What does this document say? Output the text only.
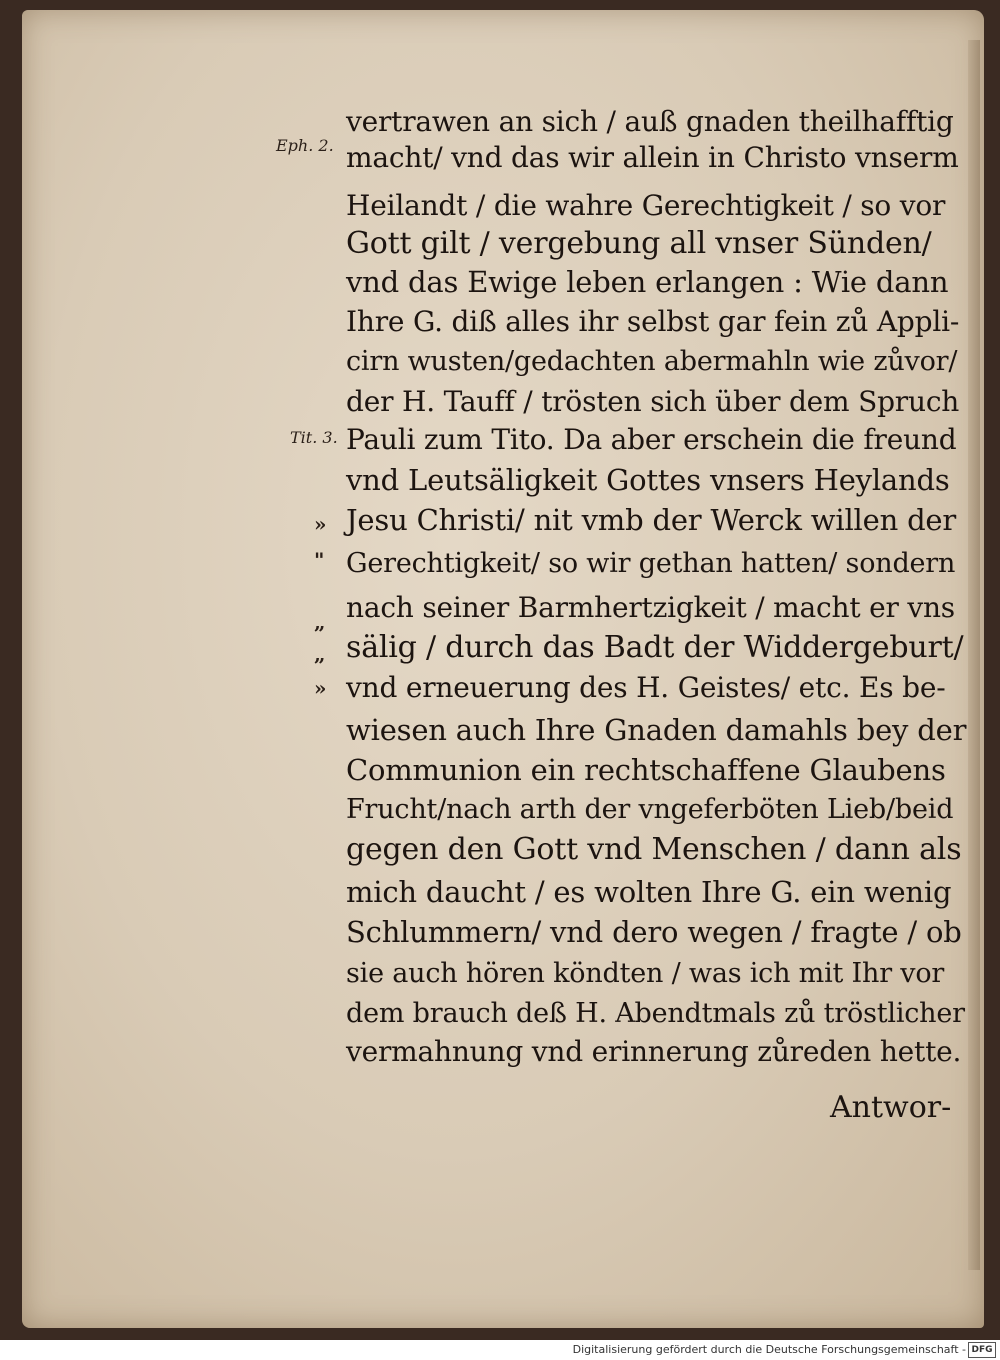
Eph. 2.
Tit. 3.
»
"
„
„
»
vertrawen an sich / auß gnaden theilhafftig
macht/ vnd das wir allein in Christo vnserm
Heilandt / die wahre Gerechtigkeit / so vor
Gott gilt / vergebung all vnser Sünden/
vnd das Ewige leben erlangen : Wie dann
Ihre G. diß alles ihr selbst gar fein zů Appli-
cirn wusten/gedachten abermahln wie zůvor/
der H. Tauff / trösten sich über dem Spruch
Pauli zum Tito. Da aber erschein die freund
vnd Leutsäligkeit Gottes vnsers Heylands
Jesu Christi/ nit vmb der Werck willen der
Gerechtigkeit/ so wir gethan hatten/ sondern
nach seiner Barmhertzigkeit / macht er vns
sälig / durch das Badt der Widdergeburt/
vnd erneuerung des H. Geistes/ etc. Es be-
wiesen auch Ihre Gnaden damahls bey der
Communion ein rechtschaffene Glaubens
Frucht/nach arth der vngeferböten Lieb/beid
gegen den Gott vnd Menschen / dann als
mich daucht / es wolten Ihre G. ein wenig
Schlummern/ vnd dero wegen / fragte / ob
sie auch hören köndten / was ich mit Ihr vor
dem brauch deß H. Abendtmals zů tröstlicher
vermahnung vnd erinnerung zůreden hette.
Antwor-
Digitalisierung gefördert durch die Deutsche Forschungsgemeinschaft - DFG
